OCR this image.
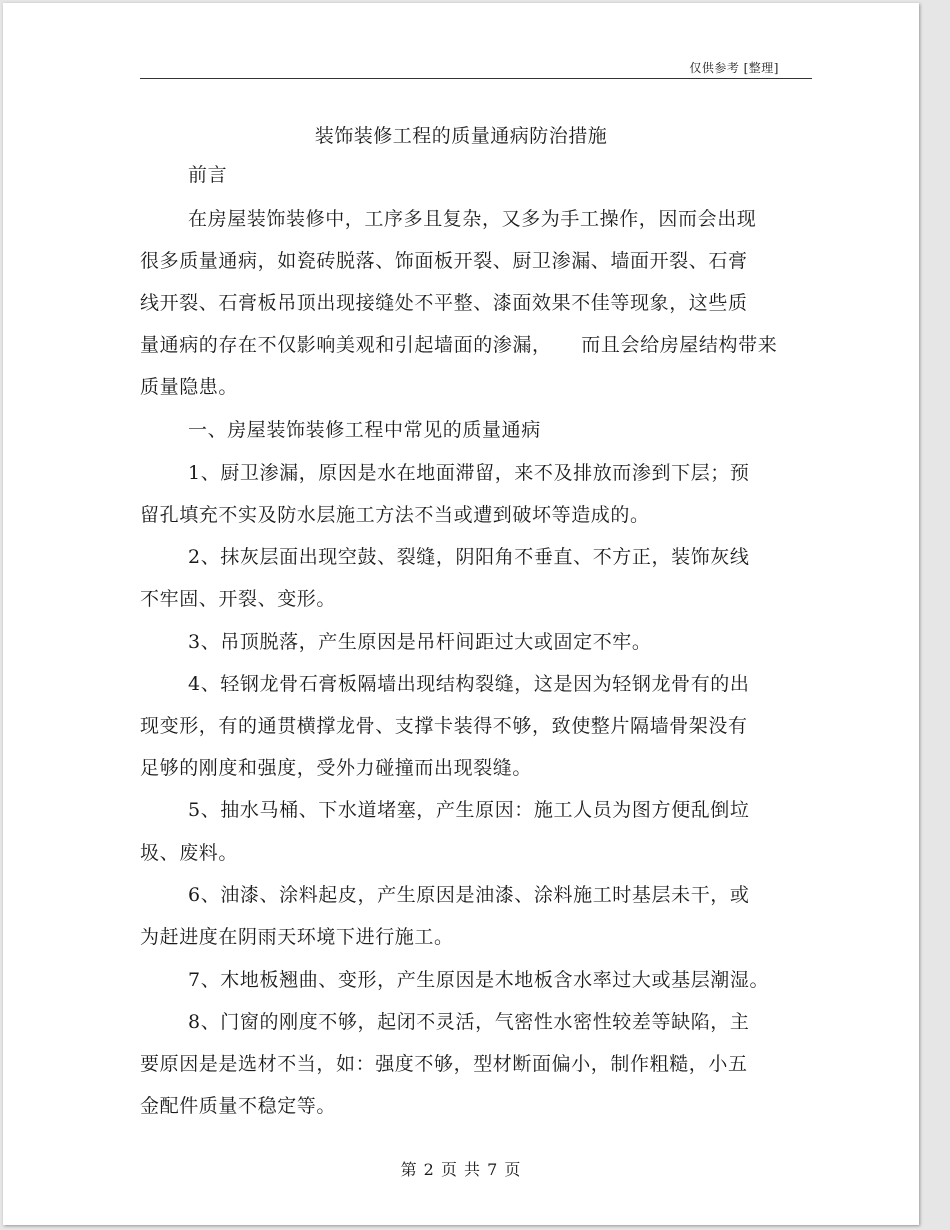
仅供参考 [整理]
装饰装修工程的质量通病防治措施
前言
在房屋装饰装修中，工序多且复杂，又多为手工操作，因而会出现
很多质量通病，如瓷砖脱落、饰面板开裂、厨卫渗漏、墙面开裂、石膏
线开裂、石膏板吊顶出现接缝处不平整、漆面效果不佳等现象，这些质
量通病的存在不仅影响美观和引起墙面的渗漏，　　而且会给房屋结构带来
质量隐患。
一、房屋装饰装修工程中常见的质量通病
1、厨卫渗漏，原因是水在地面滞留，来不及排放而渗到下层；预
留孔填充不实及防水层施工方法不当或遭到破坏等造成的。
2、抹灰层面出现空鼓、裂缝，阴阳角不垂直、不方正，装饰灰线
不牢固、开裂、变形。
3、吊顶脱落，产生原因是吊杆间距过大或固定不牢。
4、轻钢龙骨石膏板隔墙出现结构裂缝，这是因为轻钢龙骨有的出
现变形，有的通贯横撑龙骨、支撑卡装得不够，致使整片隔墙骨架没有
足够的刚度和强度，受外力碰撞而出现裂缝。
5、抽水马桶、下水道堵塞，产生原因：施工人员为图方便乱倒垃
圾、废料。
6、油漆、涂料起皮，产生原因是油漆、涂料施工时基层未干，或
为赶进度在阴雨天环境下进行施工。
7、木地板翘曲、变形，产生原因是木地板含水率过大或基层潮湿。
8、门窗的刚度不够，起闭不灵活，气密性水密性较差等缺陷，主
要原因是是选材不当，如：强度不够，型材断面偏小，制作粗糙，小五
金配件质量不稳定等。
第 2 页 共 7 页
